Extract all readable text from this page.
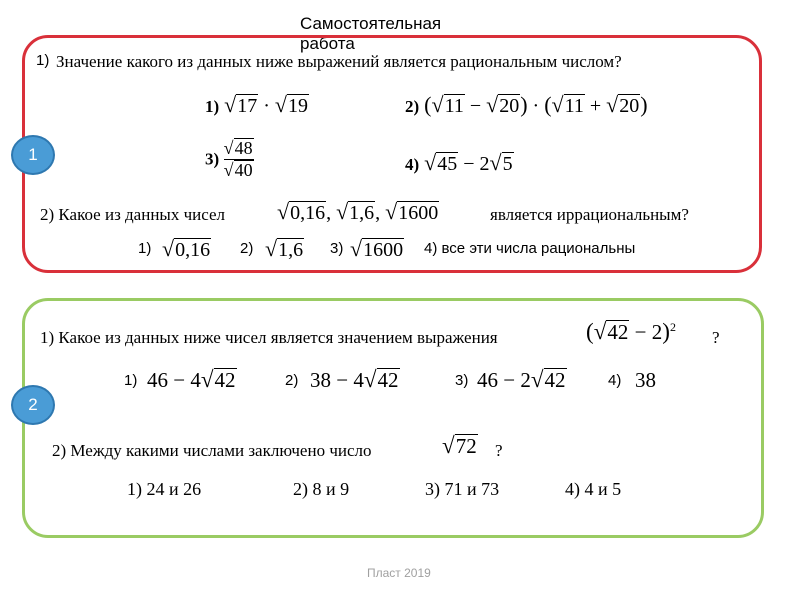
Самостоятельная работа
1
1) Значение какого из данных ниже выражений является рациональным числом?
1) √17 · √19	2) (√11 − √20) · (√11 + √20)
$3) \frac{√48}{√40}$	4) √45 − 2√5
2) Какое из данных чисел √0,16, √1,6, √1600	является иррациональным?
1) √0,16 2) √1,6 3) √1600 4) все эти числа рациональны
2
1) Какое из данных ниже чисел является значением выражения	$(√42 - 2)^2$
?
1) 46 − 4√42	2) 38 − 4√42	3) 46 − 2√42	4) 38
2) Между какими числами заключено число	√72 ?
1) 24 и 26	2) 8 и 9	3) 71 и 73	4) 4 и 5
Пласт 2019
